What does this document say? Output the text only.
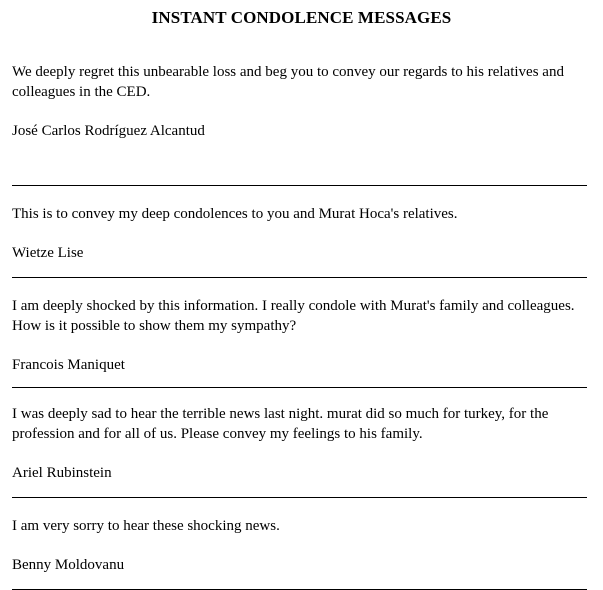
INSTANT CONDOLENCE MESSAGES

We deeply regret this unbearable loss and beg you to convey our regards to his relatives and colleagues in the CED.

José Carlos Rodríguez Alcantud

This is to convey my deep condolences to you and Murat Hoca's relatives.

Wietze Lise

I am deeply shocked by this information. I really condole with Murat's family and colleagues. How is it possible to show them my sympathy?

Francois Maniquet

I was deeply sad to hear the terrible news last night. murat did so much for turkey, for the profession and for all of us. Please convey my feelings to his family.

Ariel Rubinstein

I am very sorry to hear these shocking news.

Benny Moldovanu
